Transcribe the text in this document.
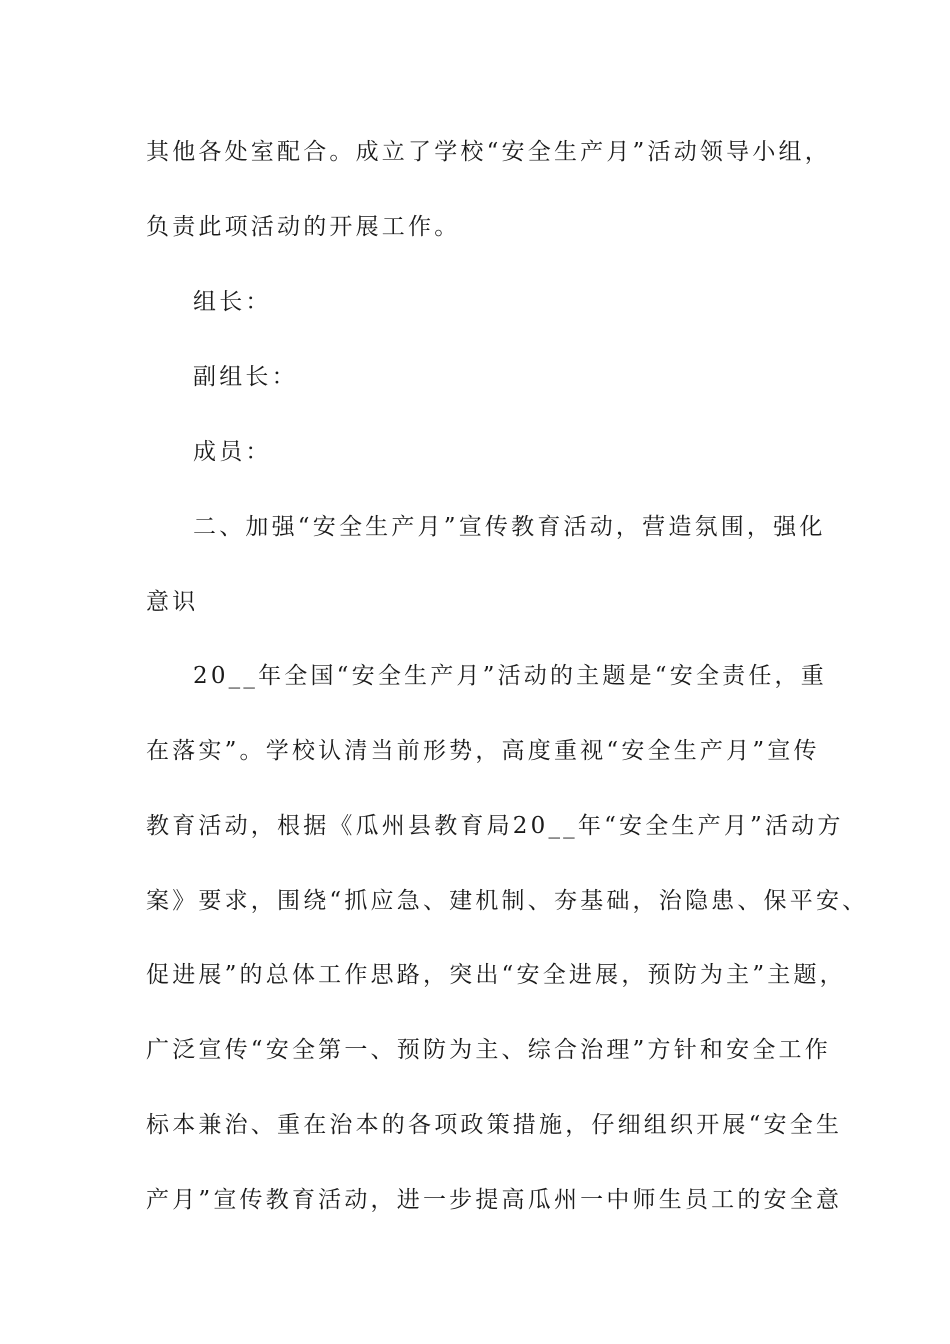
其他各处室配合。成立了学校“安全生产月”活动领导小组，
负责此项活动的开展工作。
组长：
副组长：
成员：
二、加强“安全生产月”宣传教育活动，营造氛围，强化
意识
20__年全国“安全生产月”活动的主题是“安全责任，重
在落实”。学校认清当前形势，高度重视“安全生产月”宣传
教育活动，根据《瓜州县教育局20__年“安全生产月”活动方
案》要求，围绕“抓应急、建机制、夯基础，治隐患、保平安、
促进展”的总体工作思路，突出“安全进展，预防为主”主题，
广泛宣传“安全第一、预防为主、综合治理”方针和安全工作
标本兼治、重在治本的各项政策措施，仔细组织开展“安全生
产月”宣传教育活动，进一步提高瓜州一中师生员工的安全意
